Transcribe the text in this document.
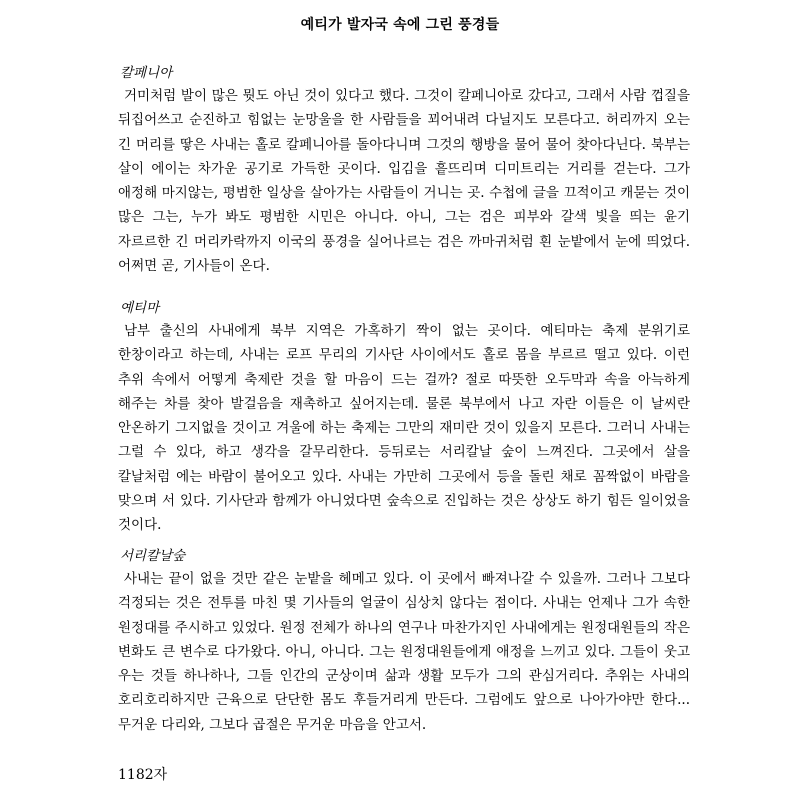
예티가 발자국 속에 그린 풍경들
칼페니아

거미처럼 발이 많은 뭣도 아닌 것이 있다고 했다. 그것이 칼페니아로 갔다고, 그래서 사람 껍질을 뒤집어쓰고 순진하고 힘없는 눈망울을 한 사람들을 꾀어내려 다닐지도 모른다고. 허리까지 오는 긴 머리를 땋은 사내는 홀로 칼페니아를 돌아다니며 그것의 행방을 물어 물어 찾아다닌다. 북부는 살이 에이는 차가운 공기로 가득한 곳이다. 입김을 흩뜨리며 디미트리는 거리를 걷는다. 그가 애정해 마지않는, 평범한 일상을 살아가는 사람들이 거니는 곳. 수첩에 글을 끄적이고 캐묻는 것이 많은 그는, 누가 봐도 평범한 시민은 아니다. 아니, 그는 검은 피부와 갈색 빛을 띄는 윤기 자르르한 긴 머리카락까지 이국의 풍경을 실어나르는 검은 까마귀처럼 흰 눈밭에서 눈에 띄었다. 어쩌면 곧, 기사들이 온다.

예티마

남부 출신의 사내에게 북부 지역은 가혹하기 짝이 없는 곳이다. 예티마는 축제 분위기로 한창이라고 하는데, 사내는 로프 무리의 기사단 사이에서도 홀로 몸을 부르르 떨고 있다. 이런 추위 속에서 어떻게 축제란 것을 할 마음이 드는 걸까? 절로 따뜻한 오두막과 속을 아늑하게 해주는 차를 찾아 발걸음을 재촉하고 싶어지는데. 물론 북부에서 나고 자란 이들은 이 날씨란 안온하기 그지없을 것이고 겨울에 하는 축제는 그만의 재미란 것이 있을지 모른다. 그러니 사내는 그럴 수 있다, 하고 생각을 갈무리한다. 등뒤로는 서리칼날 숲이 느껴진다. 그곳에서 살을 칼날처럼 에는 바람이 불어오고 있다. 사내는 가만히 그곳에서 등을 돌린 채로 꼼짝없이 바람을 맞으며 서 있다. 기사단과 함께가 아니었다면 숲속으로 진입하는 것은 상상도 하기 힘든 일이었을 것이다.

서리칼날숲

사내는 끝이 없을 것만 같은 눈밭을 헤메고 있다. 이 곳에서 빠져나갈 수 있을까. 그러나 그보다 걱정되는 것은 전투를 마친 몇 기사들의 얼굴이 심상치 않다는 점이다. 사내는 언제나 그가 속한 원정대를 주시하고 있었다. 원정 전체가 하나의 연구나 마찬가지인 사내에게는 원정대원들의 작은 변화도 큰 변수로 다가왔다. 아니, 아니다. 그는 원정대원들에게 애정을 느끼고 있다. 그들이 웃고 우는 것들 하나하나, 그들 인간의 군상이며 삶과 생활 모두가 그의 관심거리다. 추위는 사내의 호리호리하지만 근육으로 단단한 몸도 후들거리게 만든다. 그럼에도 앞으로 나아가야만 한다... 무거운 다리와, 그보다 곱절은 무거운 마음을 안고서.

1182자
